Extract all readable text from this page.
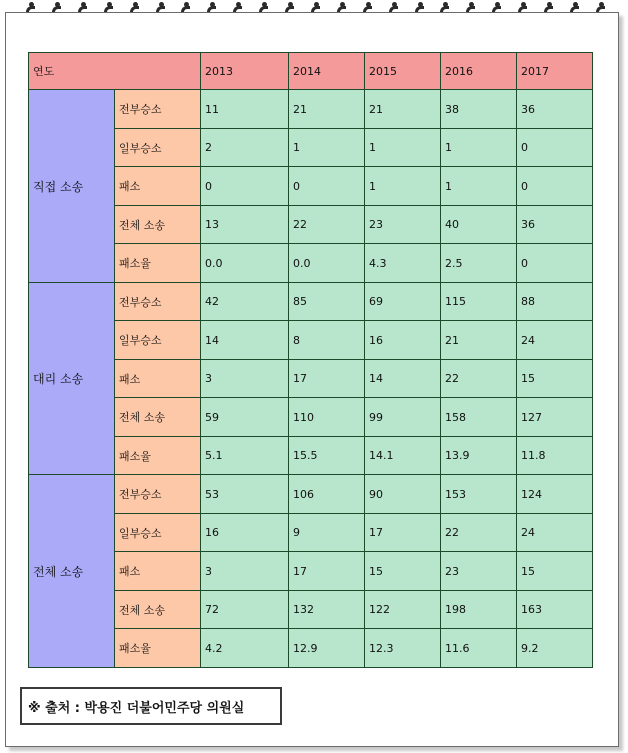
연도		2013	2014	2015	2016	2017
직접 소송	전부승소	11	21	21	38	36
	일부승소	2	1	1	1	0
	패소	0	0	1	1	0
	전체 소송	13	22	23	40	36
	패소율	0.0	0.0	4.3	2.5	0
대리 소송	전부승소	42	85	69	115	88
	일부승소	14	8	16	21	24
	패소	3	17	14	22	15
	전체 소송	59	110	99	158	127
	패소율	5.1	15.5	14.1	13.9	11.8
전체 소송	전부승소	53	106	90	153	124
	일부승소	16	9	17	22	24
	패소	3	17	15	23	15
	전체 소송	72	132	122	198	163
	패소율	4.2	12.9	12.3	11.6	9.2
※ 출처 : 박용진 더불어민주당 의원실
